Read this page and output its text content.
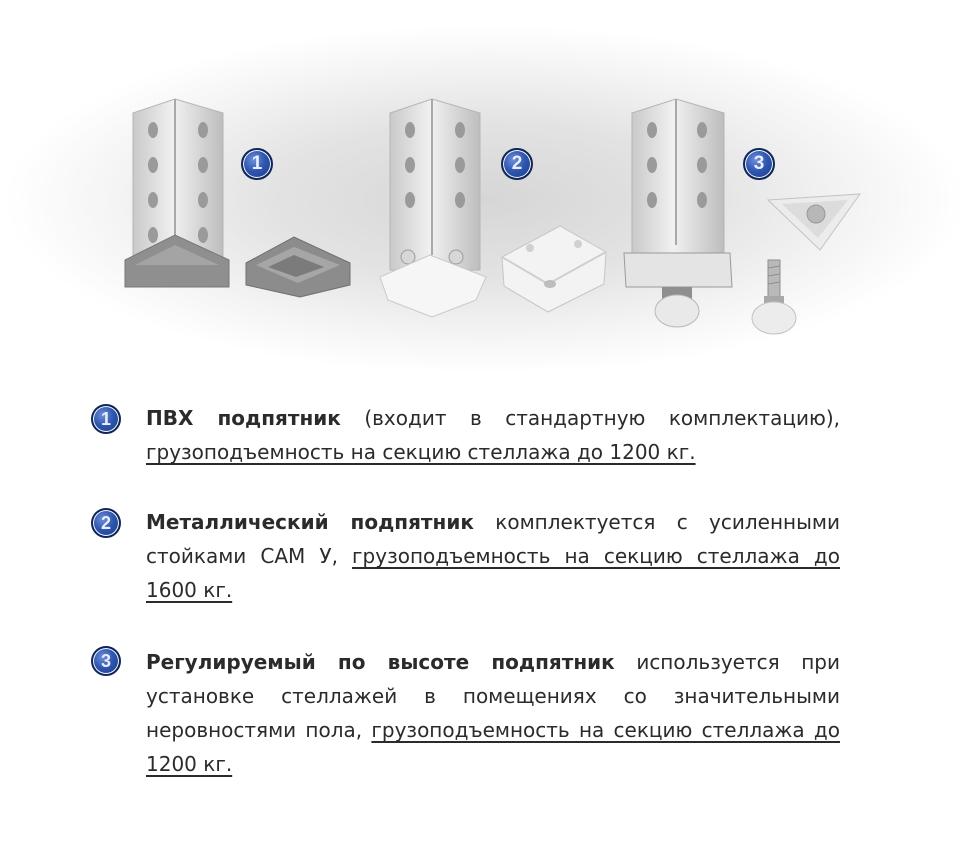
1	2	3
1	ПВХ подпятник (входит в стандартную комплектацию), грузоподъемность на секцию стеллажа до 1200 кг.
2	Металлический подпятник комплектуется с усиленными стойками САМ У, грузоподъемность на секцию стеллажа до 1600 кг.
3	Регулируемый по высоте подпятник используется при установке стеллажей в помещениях со значительными неровностями пола, грузоподъемность на секцию стеллажа до 1200 кг.
